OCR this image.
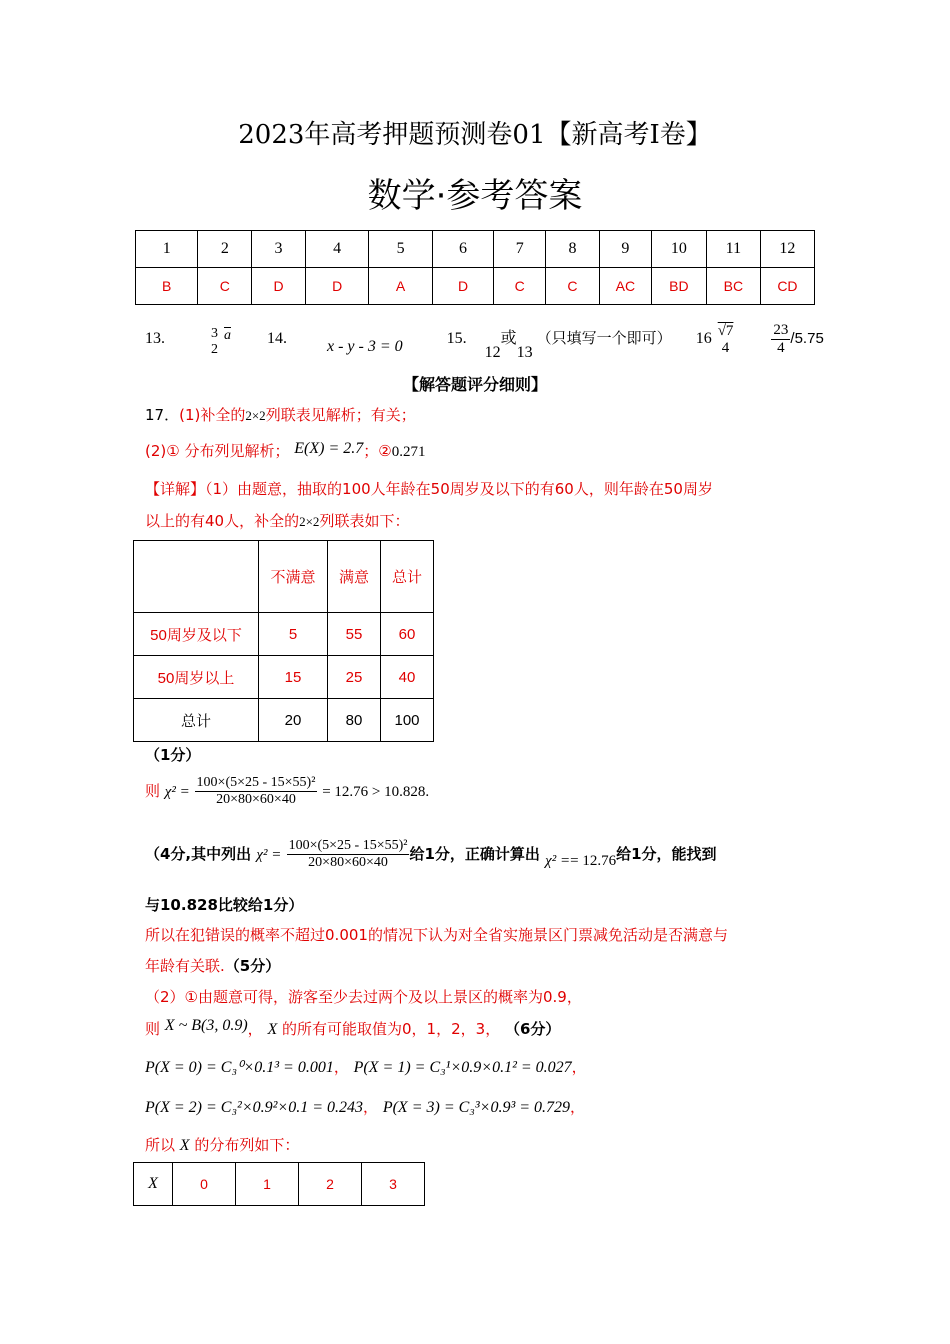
2023年高考押题预测卷01【新高考Ⅰ卷】
数学·参考答案
1	2	3	4	5	6	7	8	9	10	11	12
B	C	D	D	A	D	C	C	AC	BD	BC	CD
13.	3
2
$\overline{a}$ 14.	x - y - 3 = 0	15.  12或13 （只填写一个即可） 16 √7
4
	$\frac{23}{4} /5.75$
【解答题评分细则】
17．(1)补全的2×2列联表见解析；有关；
(2)① 分布列见解析； E(X) = 2.7；②0.271
【详解】（1）由题意，抽取的100人年龄在50周岁及以下的有60人，则年龄在50周岁
以上的有40人，补全的2×2列联表如下：
	不满意	满意	总计
50周岁及以下	5	55	60
50周岁以上	15	25	40
总计	20	80	100
（1分）
则 $\chi^2 = \frac{\text{100×(5×25 - 15×55)²}}{20\times 80\times 60\times 40} = 12.76 > 10.828$.
（4分,其中列出 $\chi^2 = \frac{\text{100×(5×25 - 15×55)²}}{20\times 80\times 60\times 40}$ 给1分，正确计算出 χ² == 12.76给1分，能找到
与10.828比较给1分）
所以在犯错误的概率不超过0.001的情况下认为对全省实施景区门票减免活动是否满意与
年龄有关联.（5分）
（2）①由题意可得，游客至少去过两个及以上景区的概率为0.9，
则 X ~ B(3, 0.9)， X 的所有可能取值为0，1，2，3， （6分）
P(X = 0) = C₃⁰×0.1³ = 0.001， P(X = 1) = C₃¹×0.9×0.1² = 0.027，
P(X = 2) = C₃²×0.9²×0.1 = 0.243， P(X = 3) = C₃³×0.9³ = 0.729，
所以 X 的分布列如下：
X	0	1	2	3
